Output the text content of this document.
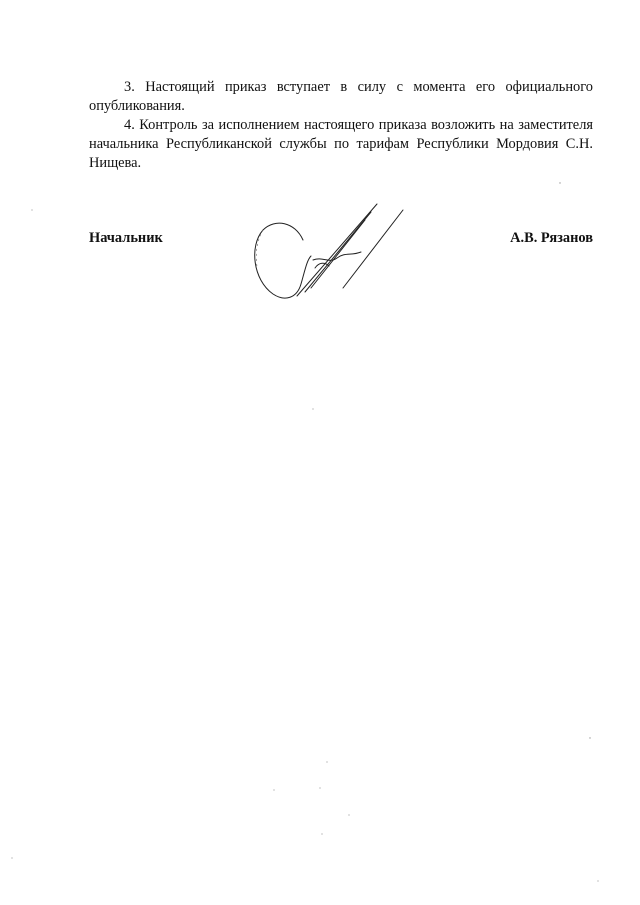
3. Настоящий приказ вступает в силу с момента его официального опубликования.

4. Контроль за исполнением настоящего приказа возложить на заместителя начальника Республиканской службы по тарифам Республики Мордовия С.Н. Нищева.

Начальник	А.В. Рязанов
